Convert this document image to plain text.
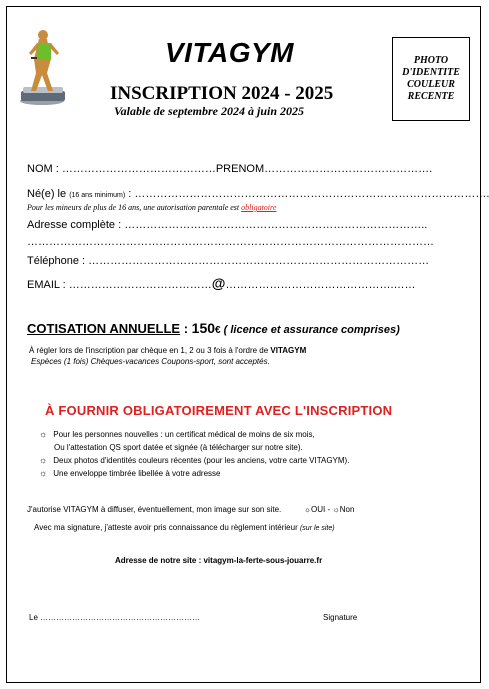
VITAGYM
INSCRIPTION 2024 - 2025
Valable de septembre 2024 à juin 2025
PHOTO
D'IDENTITE
COULEUR
RECENTE
NOM : ……………………………………PRENOM……………………………………….
Né(e) le (16 ans minimum) : …………………………………………………………………………………….
Pour les mineurs de plus de 16 ans, une autorisation parentale est obligatoire
Adresse complète : ………………………………………………………………………..
…………………………………………………………………………………………………
Téléphone : …………………………………………………………………………………
EMAIL : …………………………………@……………………………………….……
COTISATION ANNUELLE : 150€ ( licence et assurance comprises)
À régler lors de l'inscription par chèque en 1, 2 ou 3 fois à l'ordre de VITAGYM
Espèces (1 fois) Chèques-vacances Coupons-sport, sont acceptés.
À FOURNIR OBLIGATOIREMENT AVEC L'INSCRIPTION
☼ Pour les personnes nouvelles : un certificat médical de moins de six mois,
Ou l'attestation QS sport datée et signée (à télécharger sur notre site).
☼ Deux photos d'identités couleurs récentes (pour les anciens, votre carte VITAGYM).
☼ Une enveloppe timbrée libellée à votre adresse
J'autorise VITAGYM à diffuser, éventuellement, mon image sur son site.	☼OUI - ☼Non
Avec ma signature, j'atteste avoir pris connaissance du règlement intérieur (sur le site)
Adresse de notre site : vitagym-la-ferte-sous-jouarre.fr
Le ……………………………………………………	Signature
